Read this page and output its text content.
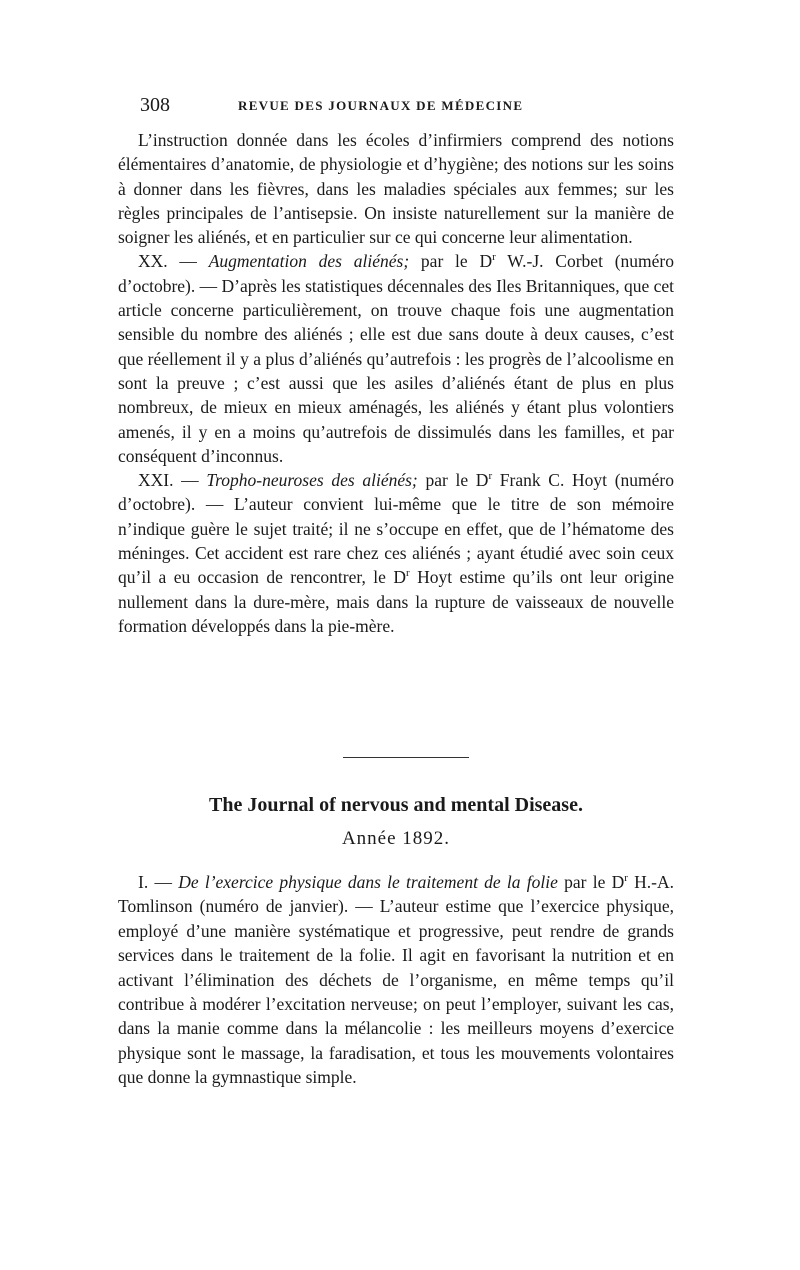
308	REVUE DES JOURNAUX DE MÉDECINE

L’instruction donnée dans les écoles d’infirmiers comprend des notions élémentaires d’anatomie, de physiologie et d’hygiène; des notions sur les soins à donner dans les fièvres, dans les maladies spéciales aux femmes; sur les règles principales de l’antisepsie. On insiste naturellement sur la manière de soigner les aliénés, et en particulier sur ce qui concerne leur alimentation.

XX. — Augmentation des aliénés; par le $D^r$ W.-J. Corbet (numéro d’octobre). — D’après les statistiques décennales des Iles Britanniques, que cet article concerne particulièrement, on trouve chaque fois une augmentation sensible du nombre des aliénés ; elle est due sans doute à deux causes, c’est que réellement il y a plus d’aliénés qu’autrefois : les progrès de l’alcoolisme en sont la preuve ; c’est aussi que les asiles d’aliénés étant de plus en plus nombreux, de mieux en mieux aménagés, les aliénés y étant plus volontiers amenés, il y en a moins qu’autrefois de dissimulés dans les familles, et par conséquent d’inconnus.

XXI. — Tropho-neuroses des aliénés; par le $D^r$ Frank C. Hoyt (numéro d’octobre). — L’auteur convient lui-même que le titre de son mémoire n’indique guère le sujet traité; il ne s’occupe en effet, que de l’hématome des méninges. Cet accident est rare chez ces aliénés ; ayant étudié avec soin ceux qu’il a eu occasion de rencontrer, le $D^r$ Hoyt estime qu’ils ont leur origine nullement dans la dure-mère, mais dans la rupture de vaisseaux de nouvelle formation développés dans la pie-mère.

The Journal of nervous and mental Disease.
Année 1892.

I. — De l’exercice physique dans le traitement de la folie par le $D^r$ H.-A. Tomlinson (numéro de janvier). — L’auteur estime que l’exercice physique, employé d’une manière systématique et progressive, peut rendre de grands services dans le traitement de la folie. Il agit en favorisant la nutrition et en activant l’élimination des déchets de l’organisme, en même temps qu’il contribue à modérer l’excitation nerveuse; on peut l’employer, suivant les cas, dans la manie comme dans la mélancolie : les meilleurs moyens d’exercice physique sont le massage, la faradisation, et tous les mouvements volontaires que donne la gymnastique simple.
